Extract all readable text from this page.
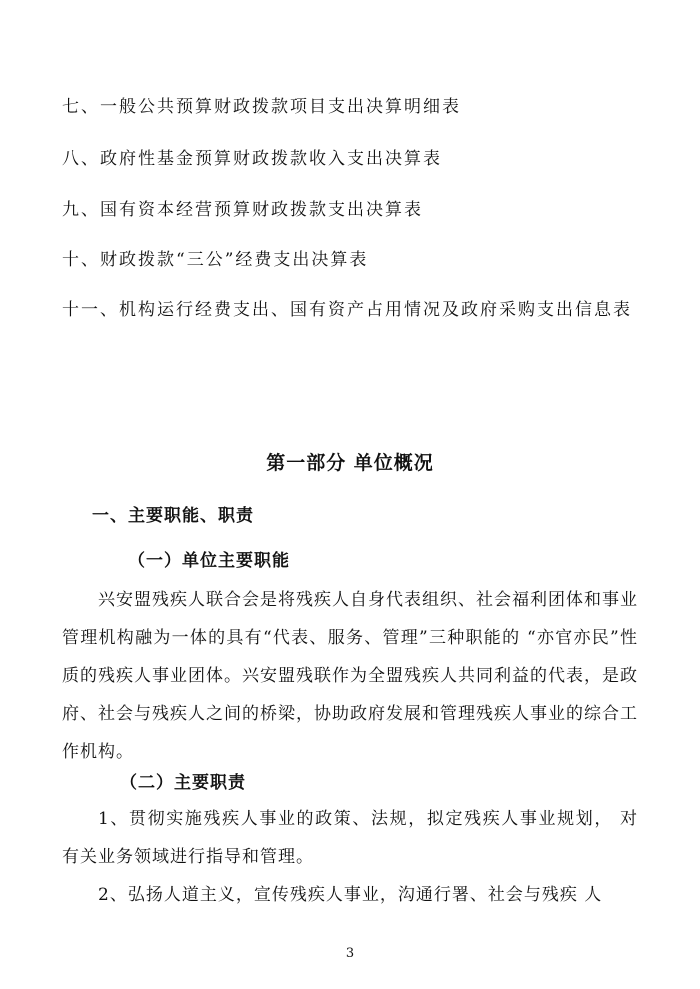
七、一般公共预算财政拨款项目支出决算明细表
八、政府性基金预算财政拨款收入支出决算表
九、国有资本经营预算财政拨款支出决算表
十、财政拨款“三公”经费支出决算表
十一、机构运行经费支出、国有资产占用情况及政府采购支出信息表
第一部分 单位概况
一、主要职能、职责
（一）单位主要职能
兴安盟残疾人联合会是将残疾人自身代表组织、社会福利团体和事业管理机构融为一体的具有“代表、服务、管理”三种职能的 “亦官亦民”性质的残疾人事业团体。兴安盟残联作为全盟残疾人共同利益的代表，是政府、社会与残疾人之间的桥梁，协助政府发展和管理残疾人事业的综合工作机构。
（二）主要职责
1、贯彻实施残疾人事业的政策、法规，拟定残疾人事业规划， 对有关业务领域进行指导和管理。
2、弘扬人道主义，宣传残疾人事业，沟通行署、社会与残疾 人
3
